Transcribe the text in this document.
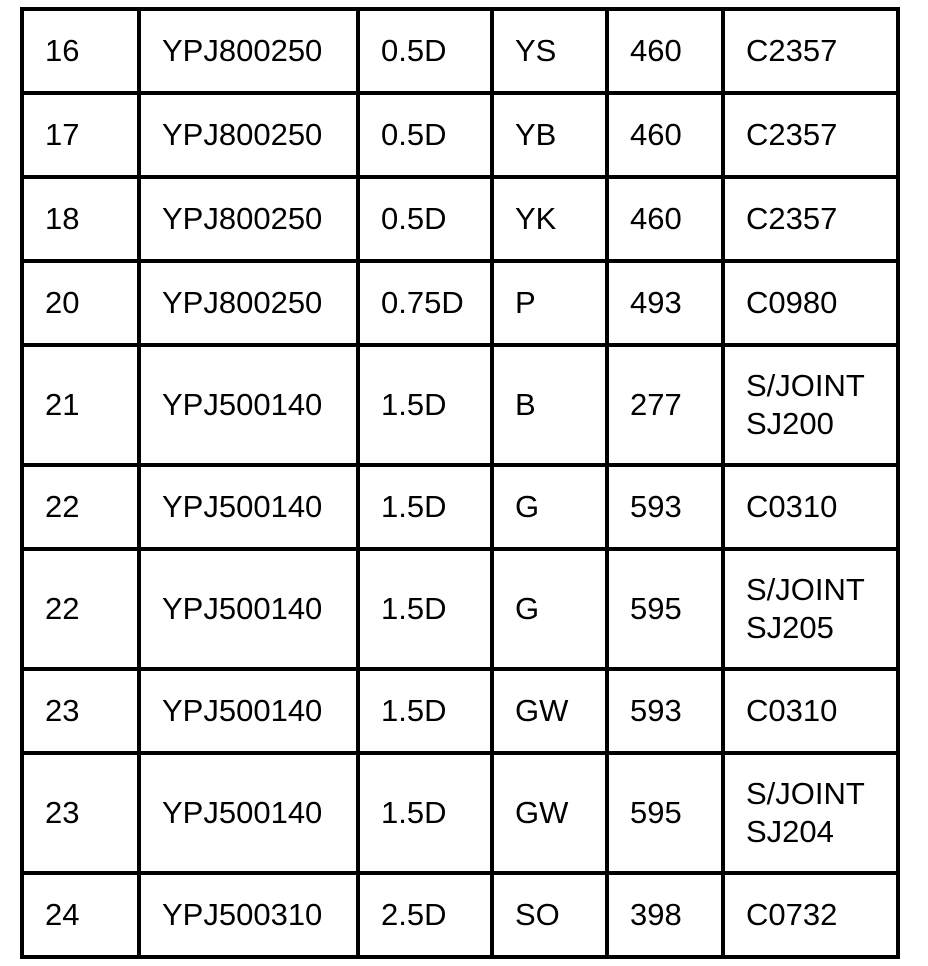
16	YPJ800250	0.5D	YS	460	C2357
17	YPJ800250	0.5D	YB	460	C2357
18	YPJ800250	0.5D	YK	460	C2357
20	YPJ800250	0.75D	P	493	C0980
21	YPJ500140	1.5D	B	277	S/JOINT
SJ200
22	YPJ500140	1.5D	G	593	C0310
22	YPJ500140	1.5D	G	595	S/JOINT
SJ205
23	YPJ500140	1.5D	GW	593	C0310
23	YPJ500140	1.5D	GW	595	S/JOINT
SJ204
24	YPJ500310	2.5D	SO	398	C0732
